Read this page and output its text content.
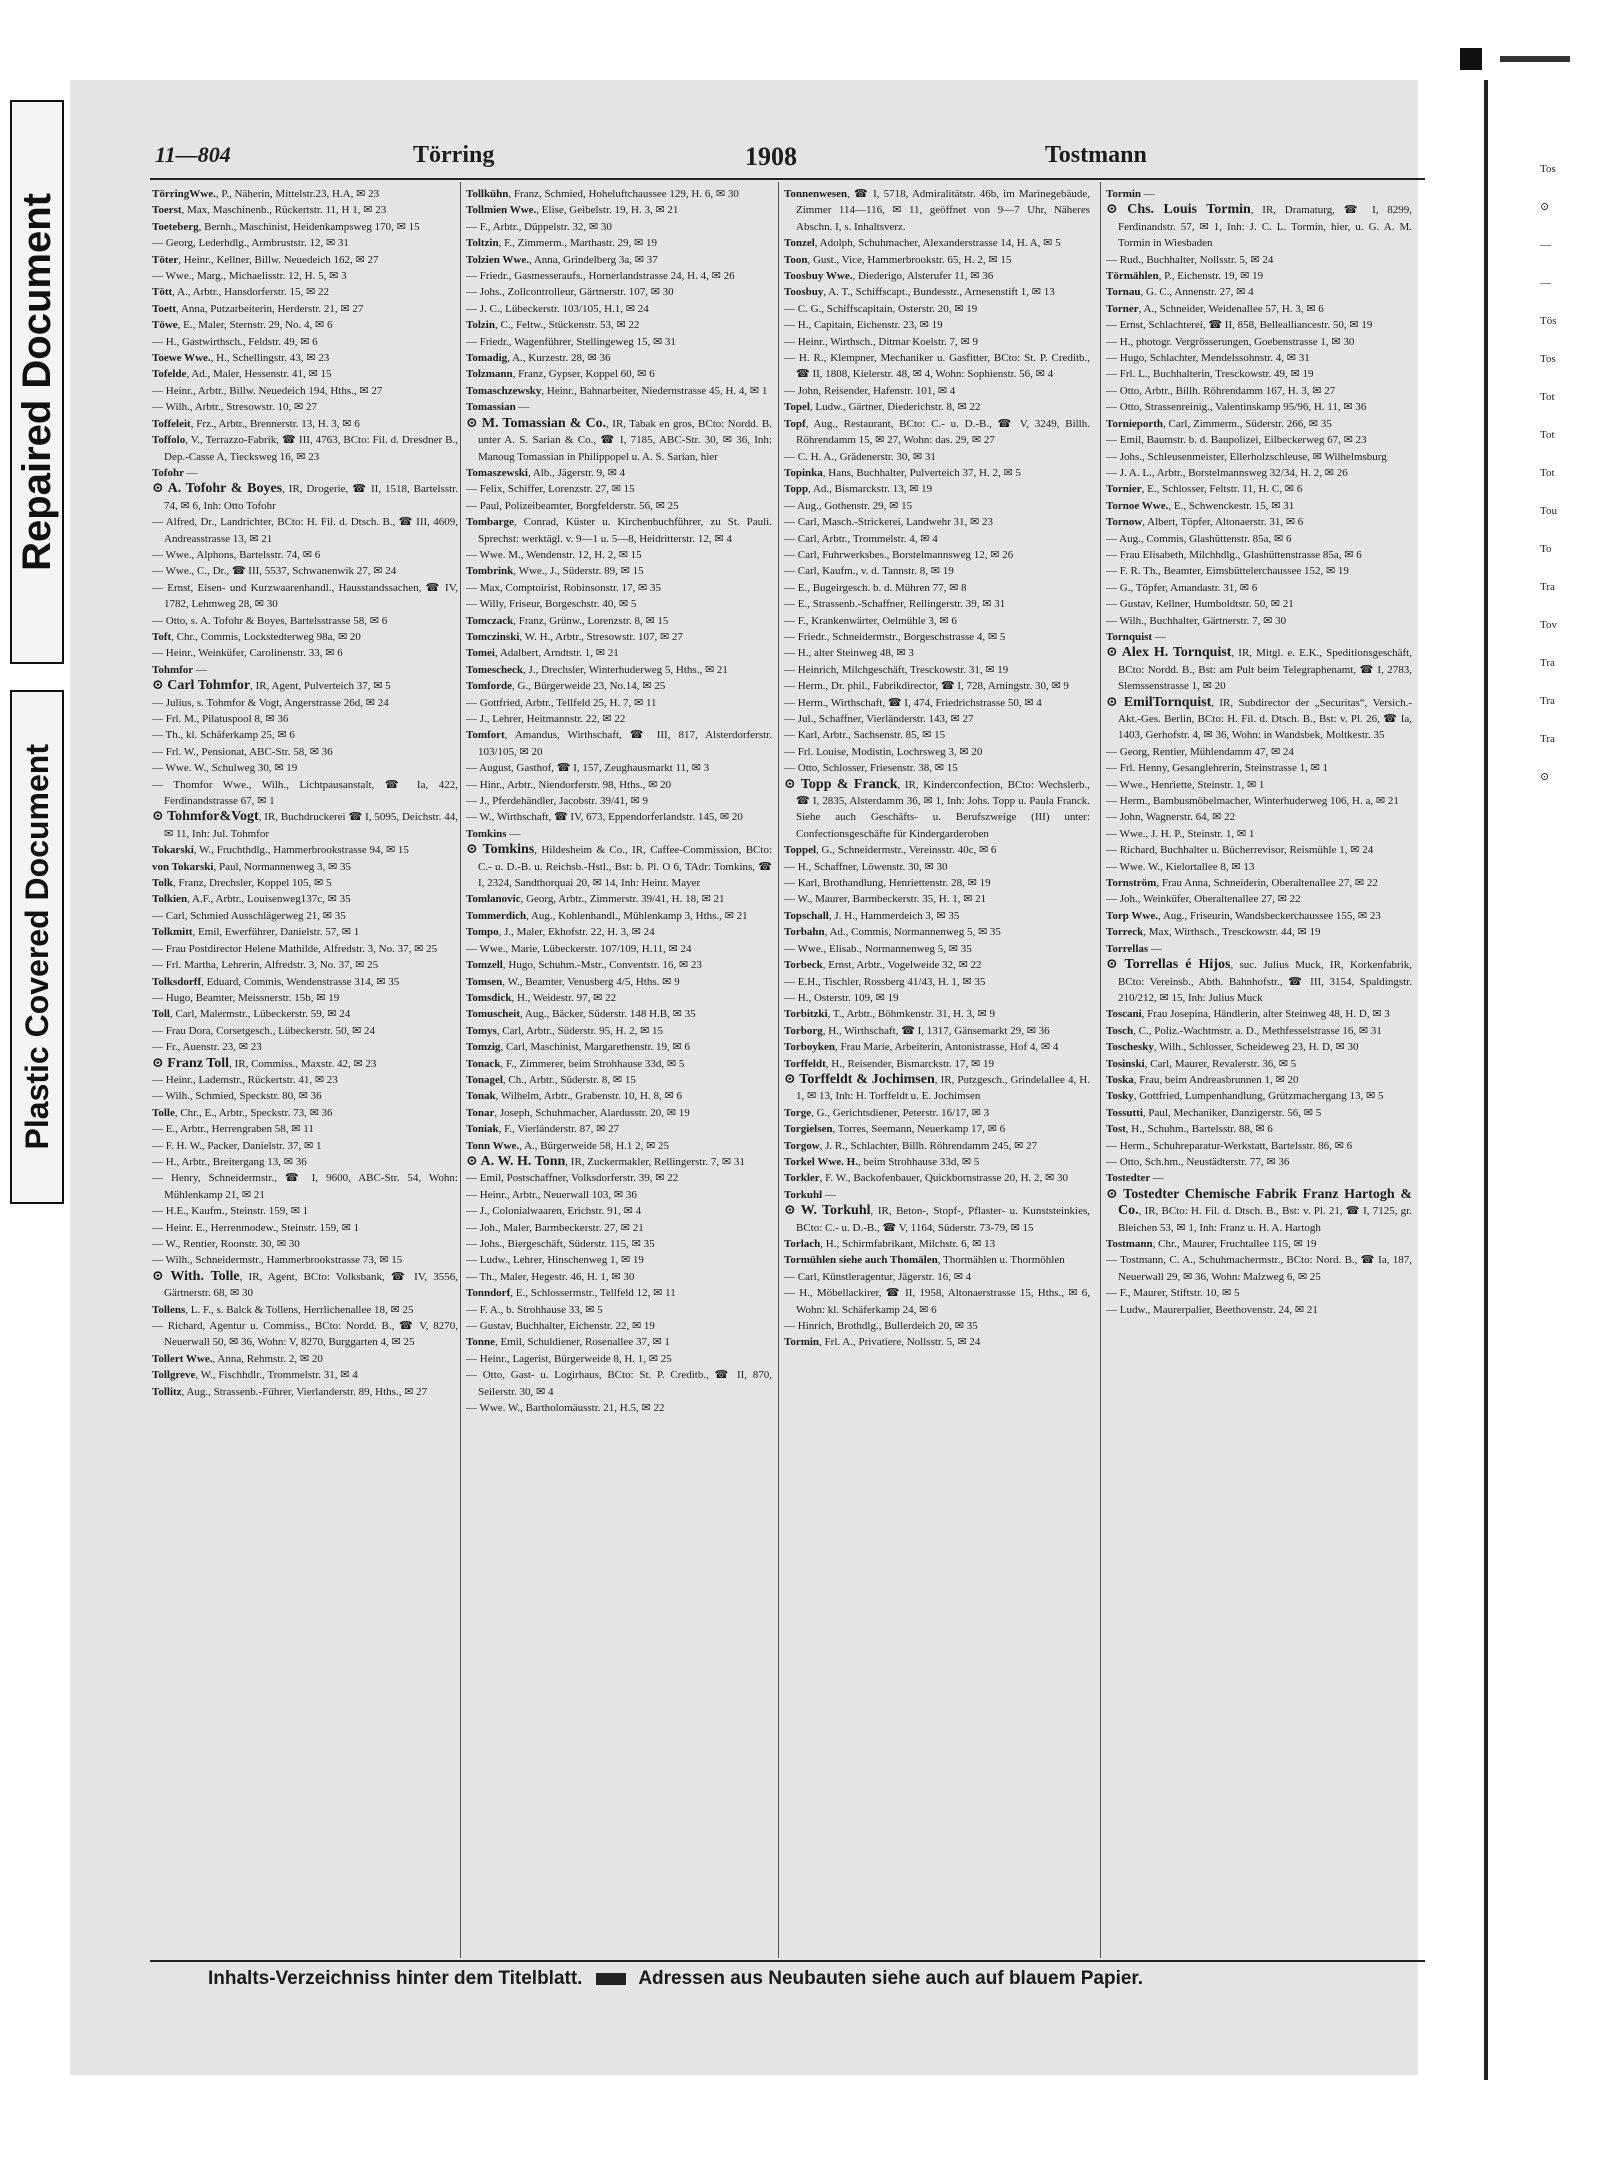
Repaired Document
Plastic Covered Document
Tos
⊙
—
—
Tös
Tos
Tot
Tot
Tot
Tou
To
Tra
Tov
Tra
Tra
Tra
⊙
11—804	Törring	1908	Tostmann

TörringWwe., P., Näherin, Mittelstr.23, H.A, ✉ 23

Toerst, Max, Maschinenb., Rückertstr. 11, H 1, ✉ 23

Toeteberg, Bernh., Maschinist, Heidenkampsweg 170, ✉ 15

— Georg, Lederhdlg., Armbruststr. 12, ✉ 31

Töter, Heinr., Kellner, Billw. Neuedeich 162, ✉ 27

— Wwe., Marg., Michaelisstr. 12, H. 5, ✉ 3

Tött, A., Arbtr., Hansdorferstr. 15, ✉ 22

Toett, Anna, Putzarbeiterin, Herderstr. 21, ✉ 27

Töwe, E., Maler, Sternstr. 29, No. 4, ✉ 6

— H., Gastwirthsch., Feldstr. 49, ✉ 6

Toewe Wwe., H., Schellingstr. 43, ✉ 23

Tofelde, Ad., Maler, Hessenstr. 41, ✉ 15

— Heinr., Arbtr., Billw. Neuedeich 194, Hths., ✉ 27

— Wilh., Arbtr., Stresowstr. 10, ✉ 27

Toffeleit, Frz., Arbtr., Brennerstr. 13, H. 3, ✉ 6

Toffolo, V., Terrazzo-Fabrik, ☎ III, 4763, BCto: Fil. d. Dresdner B., Dep.-Casse A, Tiecksweg 16, ✉ 23

Tofohr —

⊙ A. Tofohr & Boyes, IR, Drogerie, ☎ II, 1518, Bartelsstr. 74, ✉ 6, Inh: Otto Tofohr

— Alfred, Dr., Landrichter, BCto: H. Fil. d. Dtsch. B., ☎ III, 4609, Andreasstrasse 13, ✉ 21

— Wwe., Alphons, Bartelsstr. 74, ✉ 6

— Wwe., C., Dr., ☎ III, 5537, Schwanenwik 27, ✉ 24

— Ernst, Eisen- und Kurzwaarenhandl., Hausstandssachen, ☎ IV, 1782, Lehmweg 28, ✉ 30

— Otto, s. A. Tofohr & Boyes, Bartelsstrasse 58, ✉ 6

Toft, Chr., Commis, Lockstedterweg 98a, ✉ 20

— Heinr., Weinküfer, Carolinenstr. 33, ✉ 6

Tohmfor —

⊙ Carl Tohmfor, IR, Agent, Pulverteich 37, ✉ 5

— Julius, s. Tohmfor & Vogt, Angerstrasse 26d, ✉ 24

— Frl. M., Pilatuspool 8, ✉ 36

— Th., kl. Schäferkamp 25, ✉ 6

— Frl. W., Pensionat, ABC-Str. 58, ✉ 36

— Wwe. W., Schulweg 30, ✉ 19

— Thomfor Wwe., Wilh., Lichtpausanstalt, ☎ Ia, 422, Ferdinandstrasse 67, ✉ 1

⊙ Tohmfor&Vogt, IR, Buchdruckerei ☎ I, 5095, Deichstr. 44, ✉ 11, Inh: Jul. Tohmfor

Tokarski, W., Fruchthdlg., Hammerbrookstrasse 94, ✉ 15

von Tokarski, Paul, Normannenweg 3, ✉ 35

Tolk, Franz, Drechsler, Koppel 105, ✉ 5

Tolkien, A.F., Arbtr., Louisenweg137c, ✉ 35

— Carl, Schmied Ausschlägerweg 21, ✉ 35

Tolkmitt, Emil, Ewerführer, Danielstr. 57, ✉ 1

— Frau Postdirector Helene Mathilde, Alfredstr. 3, No. 37, ✉ 25

— Frl. Martha, Lehrerin, Alfredstr. 3, No. 37, ✉ 25

Tolksdorff, Eduard, Commis, Wendenstrasse 314, ✉ 35

— Hugo, Beamter, Meissnerstr. 15b, ✉ 19

Toll, Carl, Malermstr., Lübeckerstr. 59, ✉ 24

— Frau Dora, Corsetgesch., Lübeckerstr. 50, ✉ 24

— Fr., Auenstr. 23, ✉ 23

⊙ Franz Toll, IR, Commiss., Maxstr. 42, ✉ 23

— Heinr., Lademstr., Rückertstr. 41, ✉ 23

— Wilh., Schmied, Speckstr. 80, ✉ 36

Tolle, Chr., E., Arbtr., Speckstr. 73, ✉ 36

— E., Arbtr., Herrengraben 58, ✉ 11

— F. H. W., Packer, Danielstr. 37, ✉ 1

— H., Arbtr., Breitergang 13, ✉ 36

— Henry, Schneidermstr., ☎ I, 9600, ABC-Str. 54, Wohn: Mühlenkamp 21, ✉ 21

— H.E., Kaufm., Steinstr. 159, ✉ 1

— Heinr. E., Herrenmodew., Steinstr. 159, ✉ 1

— W., Rentier, Roonstr. 30, ✉ 30

— Wilh., Schneidermstr., Hammerbrookstrasse 73, ✉ 15

⊙ With. Tolle, IR, Agent, BCto: Volksbank, ☎ IV, 3556, Gärtnerstr. 68, ✉ 30

Tollens, L. F., s. Balck & Tollens, Herrlichenallee 18, ✉ 25

— Richard, Agentur u. Commiss., BCto: Nordd. B., ☎ V, 8270, Neuerwall 50, ✉ 36, Wohn: V, 8270, Burggarten 4, ✉ 25

Tollert Wwe., Anna, Rehmstr. 2, ✉ 20

Tollgreve, W., Fischhdlr., Trommelstr. 31, ✉ 4

Tollitz, Aug., Strassenb.-Führer, Vierlanderstr. 89, Hths., ✉ 27

Tollkühn, Franz, Schmied, Hoheluftchaussee 129, H. 6, ✉ 30

Tollmien Wwe., Elise, Geibelstr. 19, H. 3, ✉ 21

— F., Arbtr., Düppelstr. 32, ✉ 30

Toltzin, F., Zimmerm., Marthastr. 29, ✉ 19

Tolzien Wwe., Anna, Grindelberg 3a, ✉ 37

— Friedr., Gasmesseraufs., Hornerlandstrasse 24, H. 4, ✉ 26

— Johs., Zollcontrolleur, Gärtnerstr. 107, ✉ 30

— J. C., Lübeckerstr. 103/105, H.1, ✉ 24

Tolzin, C., Feltw., Stückenstr. 53, ✉ 22

— Friedr., Wagenführer, Stellingeweg 15, ✉ 31

Tomadig, A., Kurzestr. 28, ✉ 36

Tolzmann, Franz, Gypser, Koppel 60, ✉ 6

Tomaschzewsky, Heinr., Bahnarbeiter, Niedernstrasse 45, H. 4, ✉ 1

Tomassian —

⊙ M. Tomassian & Co., IR, Tabak en gros, BCto: Nordd. B. unter A. S. Sarian & Co., ☎ I, 7185, ABC-Str. 30, ✉ 36, Inh: Manoug Tomassian in Philippopel u. A. S. Sarian, hier

Tomaszewski, Alb., Jägerstr. 9, ✉ 4

— Felix, Schiffer, Lorenzstr. 27, ✉ 15

— Paul, Polizeibeamter, Borgfelderstr. 56, ✉ 25

Tombarge, Conrad, Küster u. Kirchenbuchführer, zu St. Pauli. Sprechst: werktägl. v. 9—1 u. 5—8, Heidritterstr. 12, ✉ 4

— Wwe. M., Wendenstr. 12, H. 2, ✉ 15

Tombrink, Wwe., J., Süderstr. 89, ✉ 15

— Max, Comptoirist, Robinsonstr. 17, ✉ 35

— Willy, Friseur, Borgeschstr. 40, ✉ 5

Tomczack, Franz, Grünw., Lorenzstr. 8, ✉ 15

Tomczinski, W. H., Arbtr., Stresowstr. 107, ✉ 27

Tomei, Adalbert, Arndtstr. 1, ✉ 21

Tomescheck, J., Drechsler, Winterhuderweg 5, Hths., ✉ 21

Tomforde, G., Bürgerweide 23, No.14, ✉ 25

— Gottfried, Arbtr., Tellfeld 25, H. 7, ✉ 11

— J., Lehrer, Heitmannstr. 22, ✉ 22

Tomfort, Amandus, Wirthschaft, ☎ III, 817, Alsterdorferstr. 103/105, ✉ 20

— August, Gasthof, ☎ I, 157, Zeughausmarkt 11, ✉ 3

— Hinr., Arbtr., Niendorferstr. 98, Hths., ✉ 20

— J., Pferdehändler, Jacobstr. 39/41, ✉ 9

— W., Wirthschaft, ☎ IV, 673, Eppendorferlandstr. 145, ✉ 20

Tomkins —

⊙ Tomkins, Hildesheim & Co., IR, Caffee-Commission, BCto: C.- u. D.-B. u. Reichsb.-Hstl., Bst: b. Pl. O 6, TAdr: Tomkins, ☎ I, 2324, Sandthorquai 20, ✉ 14, Inh: Heinr. Mayer

Tomlanovic, Georg, Arbtr., Zimmerstr. 39/41, H. 18, ✉ 21

Tommerdich, Aug., Kohlenhandl., Mühlenkamp 3, Hths., ✉ 21

Tompo, J., Maler, Ekhofstr. 22, H. 3, ✉ 24

— Wwe., Marie, Lübeckerstr. 107/109, H.11, ✉ 24

Tomzell, Hugo, Schuhm.-Mstr., Conventstr. 16, ✉ 23

Tomsen, W., Beamter, Venusberg 4/5, Hths. ✉ 9

Tomsdick, H., Weidestr. 97, ✉ 22

Tomuscheit, Aug., Bäcker, Süderstr. 148 H.B, ✉ 35

Tomys, Carl, Arbtr., Süderstr. 95, H. 2, ✉ 15

Tomzig, Carl, Maschinist, Margarethenstr. 19, ✉ 6

Tonack, F., Zimmerer, beim Strohhause 33d, ✉ 5

Tonagel, Ch., Arbtr., Süderstr. 8, ✉ 15

Tonak, Wilhelm, Arbtr., Grabenstr. 10, H. 8, ✉ 6

Tonar, Joseph, Schuhmacher, Alardusstr. 20, ✉ 19

Toniak, F., Vierländerstr. 87, ✉ 27

Tonn Wwe., A., Bürgerweide 58, H.1 2, ✉ 25

⊙ A. W. H. Tonn, IR, Zuckermakler, Rellingerstr. 7, ✉ 31

— Emil, Postschaffner, Volksdorferstr. 39, ✉ 22

— Heinr., Arbtr., Neuerwall 103, ✉ 36

— J., Colonialwaaren, Erichstr. 91, ✉ 4

— Joh., Maler, Barmbeckerstr. 27, ✉ 21

— Johs., Biergeschäft, Süderstr. 115, ✉ 35

— Ludw., Lehrer, Hinschenweg 1, ✉ 19

— Th., Maler, Hegestr. 46, H. 1, ✉ 30

Tonndorf, E., Schlossermstr., Tellfeld 12, ✉ 11

— F. A., b. Strohhause 33, ✉ 5

— Gustav, Buchhalter, Eichenstr. 22, ✉ 19

Tonne, Emil, Schuldiener, Rosenallee 37, ✉ 1

— Heinr., Lagerist, Bürgerweide 8, H. 1, ✉ 25

— Otto, Gast- u. Logirhaus, BCto: St. P. Creditb., ☎ II, 870, Seilerstr. 30, ✉ 4

— Wwe. W., Bartholomäusstr. 21, H.5, ✉ 22

Tonnenwesen, ☎ I, 5718, Admiralitätstr. 46b, im Marinegebäude, Zimmer 114—116, ✉ 11, geöffnet von 9—7 Uhr, Näheres Abschn. I, s. Inhaltsverz.

Tonzel, Adolph, Schuhmacher, Alexanderstrasse 14, H. A, ✉ 5

Toon, Gust., Vice, Hammerbrookstr. 65, H. 2, ✉ 15

Toosbuy Wwe., Diederigo, Alsterufer 11, ✉ 36

Toosbuy, A. T., Schiffscapt., Bundesstr., Arnesenstift 1, ✉ 13

— C. G., Schiffscapitain, Osterstr. 20, ✉ 19

— H., Capitain, Eichenstr. 23, ✉ 19

— Heinr., Wirthsch., Ditmar Koelstr. 7, ✉ 9

— H. R., Klempner, Mechaniker u. Gasfitter, BCto: St. P. Creditb., ☎ II, 1808, Kielerstr. 48, ✉ 4, Wohn: Sophienstr. 56, ✉ 4

— John, Reisender, Hafenstr. 101, ✉ 4

Topel, Ludw., Gärtner, Diederichstr. 8, ✉ 22

Topf, Aug., Restaurant, BCto: C.- u. D.-B., ☎ V, 3249, Billh. Röhrendamm 15, ✉ 27, Wohn: das. 29, ✉ 27

— C. H. A., Grädenerstr. 30, ✉ 31

Topinka, Hans, Buchhalter, Pulverteich 37, H. 2, ✉ 5

Topp, Ad., Bismarckstr. 13, ✉ 19

— Aug., Gothenstr. 29, ✉ 15

— Carl, Masch.-Strickerei, Landwehr 31, ✉ 23

— Carl, Arbtr., Trommelstr. 4, ✉ 4

— Carl, Fuhrwerksbes., Borstelmannsweg 12, ✉ 26

— Carl, Kaufm., v. d. Tannstr. 8, ✉ 19

— E., Bugeirgesch. b. d. Mühren 77, ✉ 8

— E., Strassenb.-Schaffner, Rellingerstr. 39, ✉ 31

— F., Krankenwärter, Oelmühle 3, ✉ 6

— Friedr., Schneidermstr., Borgeschstrasse 4, ✉ 5

— H., alter Steinweg 48, ✉ 3

— Heinrich, Milchgeschäft, Tresckowstr. 31, ✉ 19

— Herm., Dr. phil., Fabrikdirector, ☎ I, 728, Arningstr. 30, ✉ 9

— Herm., Wirthschaft, ☎ I, 474, Friedrichstrasse 50, ✉ 4

— Jul., Schaffner, Vierländerstr. 143, ✉ 27

— Karl, Arbtr., Sachsenstr. 85, ✉ 15

— Frl. Louise, Modistin, Lochrsweg 3, ✉ 20

— Otto, Schlosser, Friesenstr. 38, ✉ 15

⊙ Topp & Franck, IR, Kinderconfection, BCto: Wechslerb., ☎ I, 2835, Alsterdamm 36, ✉ 1, Inh: Johs. Topp u. Paula Franck. Siehe auch Geschäfts- u. Berufszweige (III) unter: Confectionsgeschäfte für Kindergarderoben

Toppel, G., Schneidermstr., Vereinsstr. 40c, ✉ 6

— H., Schaffner, Löwenstr. 30, ✉ 30

— Karl, Brothandlung, Henriettenstr. 28, ✉ 19

— W., Maurer, Barmbeckerstr. 35, H. 1, ✉ 21

Topschall, J. H., Hammerdeich 3, ✉ 35

Torbahn, Ad., Commis, Normannenweg 5, ✉ 35

— Wwe., Elisab., Normannenweg 5, ✉ 35

Torbeck, Ernst, Arbtr., Vogelweide 32, ✉ 22

— E.H., Tischler, Rossberg 41/43, H. 1, ✉ 35

— H., Osterstr. 109, ✉ 19

Torbitzki, T., Arbtr., Böhmkenstr. 31, H. 3, ✉ 9

Torborg, H., Wirthschaft, ☎ I, 1317, Gänsemarkt 29, ✉ 36

Torboyken, Frau Marie, Arbeiterin, Antonistrasse, Hof 4, ✉ 4

Torffeldt, H., Reisender, Bismarckstr. 17, ✉ 19

⊙ Torffeldt & Jochimsen, IR, Putzgesch., Grindelallee 4, H. 1, ✉ 13, Inh: H. Torffeldt u. E. Jochimsen

Torge, G., Gerichtsdiener, Peterstr. 16/17, ✉ 3

Torgielsen, Torres, Seemann, Neuerkamp 17, ✉ 6

Torgow, J. R., Schlachter, Billh. Röhrendamm 245, ✉ 27

Torkel Wwe. H., beim Strohhause 33d, ✉ 5

Torkler, F. W., Backofenbauer, Quickbornstrasse 20, H. 2, ✉ 30

Torkuhl —

⊙ W. Torkuhl, IR, Beton-, Stopf-, Pflaster- u. Kunststeinkies, BCto: C.- u. D.-B., ☎ V, 1164, Süderstr. 73-79, ✉ 15

Torlach, H., Schirmfabrikant, Milchstr. 6, ✉ 13

Tormühlen siehe auch Thomälen, Thormählen u. Thormöhlen

— Carl, Künstleragentur, Jägerstr. 16, ✉ 4

— H., Möbellackirer, ☎ II, 1958, Altonaerstrasse 15, Hths., ✉ 6, Wohn: kl. Schäferkamp 24, ✉ 6

— Hinrich, Brothdlg., Bullerdeich 20, ✉ 35

Tormin, Frl. A., Privatiere, Nollsstr. 5, ✉ 24

Tormin —

⊙ Chs. Louis Tormin, IR, Dramaturg, ☎ I, 8299, Ferdinandstr. 57, ✉ 1, Inh: J. C. L. Tormin, hier, u. G. A. M. Tormin in Wiesbaden

— Rud., Buchhalter, Nollsstr. 5, ✉ 24

Törmählen, P., Eichenstr. 19, ✉ 19

Tornau, G. C., Annenstr. 27, ✉ 4

Torner, A., Schneider, Weidenallee 57, H. 3, ✉ 6

— Ernst, Schlachterei, ☎ II, 858, Bellealliancestr. 50, ✉ 19

— H., photogr. Vergrösserungen, Goebenstrasse 1, ✉ 30

— Hugo, Schlachter, Mendelssohnstr. 4, ✉ 31

— Frl. L., Buchhalterin, Tresckowstr. 49, ✉ 19

— Otto, Arbtr., Billh. Röhrendamm 167, H. 3, ✉ 27

— Otto, Strassenreinig., Valentinskamp 95/96, H. 11, ✉ 36

Tornieporth, Carl, Zimmerm., Süderstr. 266, ✉ 35

— Emil, Baumstr. b. d. Baupolizei, Eilbeckerweg 67, ✉ 23

— Johs., Schleusenmeister, Ellerholzschleuse, ✉ Wilhelmsburg

— J. A. L., Arbtr., Borstelmannsweg 32/34, H. 2, ✉ 26

Tornier, E., Schlosser, Feltstr. 11, H. C, ✉ 6

Tornoe Wwe., E., Schwenckestr. 15, ✉ 31

Tornow, Albert, Töpfer, Altonaerstr. 31, ✉ 6

— Aug., Commis, Glashüttenstr. 85a, ✉ 6

— Frau Elisabeth, Milchhdlg., Glashüttenstrasse 85a, ✉ 6

— F. R. Th., Beamter, Eimsbüttelerchaussee 152, ✉ 19

— G., Töpfer, Amandastr. 31, ✉ 6

— Gustav, Kellner, Humboldtstr. 50, ✉ 21

— Wilh., Buchhalter, Gärtnerstr. 7, ✉ 30

Tornquist —

⊙ Alex H. Tornquist, IR, Mitgl. e. E.K., Speditionsgeschäft, BCto: Nordd. B., Bst: am Pult beim Telegraphenamt, ☎ I, 2783, Slemssenstrasse 1, ✉ 20

⊙ EmilTornquist, IR, Subdirector der „Securitas“, Versich.-Akt.-Ges. Berlin, BCto: H. Fil. d. Dtsch. B., Bst: v. Pl. 26, ☎ Ia, 1403, Gerhofstr. 4, ✉ 36, Wohn: in Wandsbek, Moltkestr. 35

— Georg, Rentier, Mühlendamm 47, ✉ 24

— Frl. Henny, Gesanglehrerin, Steinstrasse 1, ✉ 1

— Wwe., Henriette, Steinstr. 1, ✉ 1

— Herm., Bambusmöbelmacher, Winterhuderweg 106, H. a, ✉ 21

— John, Wagnerstr. 64, ✉ 22

— Wwe., J. H. P., Steinstr. 1, ✉ 1

— Richard, Buchhalter u. Bücherrevisor, Reismühle 1, ✉ 24

— Wwe. W., Kielortallee 8, ✉ 13

Tornström, Frau Anna, Schneiderin, Oberaltenallee 27, ✉ 22

— Joh., Weinküfer, Oberaltenallee 27, ✉ 22

Torp Wwe., Aug., Friseurin, Wandsbeckerchaussee 155, ✉ 23

Torreck, Max, Wirthsch., Tresckowstr. 44, ✉ 19

Torrellas —

⊙ Torrellas é Hijos, suc. Julius Muck, IR, Korkenfabrik, BCto: Vereinsb., Abth. Bahnhofstr., ☎ III, 3154, Spaldingstr. 210/212, ✉ 15, Inh: Julius Muck

Toscani, Frau Josepina, Händlerin, alter Steinweg 48, H. D, ✉ 3

Tosch, C., Poliz.-Wachtmstr. a. D., Methfesselstrasse 16, ✉ 31

Toschesky, Wilh., Schlosser, Scheideweg 23, H. D, ✉ 30

Tosinski, Carl, Maurer, Revalerstr. 36, ✉ 5

Toska, Frau, beim Andreasbrunnen 1, ✉ 20

Tosky, Gottfried, Lumpenhandlung, Grützmachergang 13, ✉ 5

Tossutti, Paul, Mechaniker, Danzigerstr. 56, ✉ 5

Tost, H., Schuhm., Bartelsstr. 88, ✉ 6

— Herm., Schuhreparatur-Werkstatt, Bartelsstr. 86, ✉ 6

— Otto, Sch.hm., Neustädterstr. 77, ✉ 36

Tostedter —

⊙ Tostedter Chemische Fabrik Franz Hartogh & Co., IR, BCto: H. Fil. d. Dtsch. B., Bst: v. Pl. 21, ☎ I, 7125, gr. Bleichen 53, ✉ 1, Inh: Franz u. H. A. Hartogh

Tostmann, Chr., Maurer, Fruchtallee 115, ✉ 19

— Tostmann, C. A., Schuhmachermstr., BCto: Nord. B., ☎ Ia, 187, Neuerwall 29, ✉ 36, Wohn: Malzweg 6, ✉ 25

— F., Maurer, Stiftstr. 10, ✉ 5

— Ludw., Maurerpalier, Beethovenstr. 24, ✉ 21

Inhalts-Verzeichniss hinter dem Titelblatt.	Adressen aus Neubauten siehe auch auf blauem Papier.
